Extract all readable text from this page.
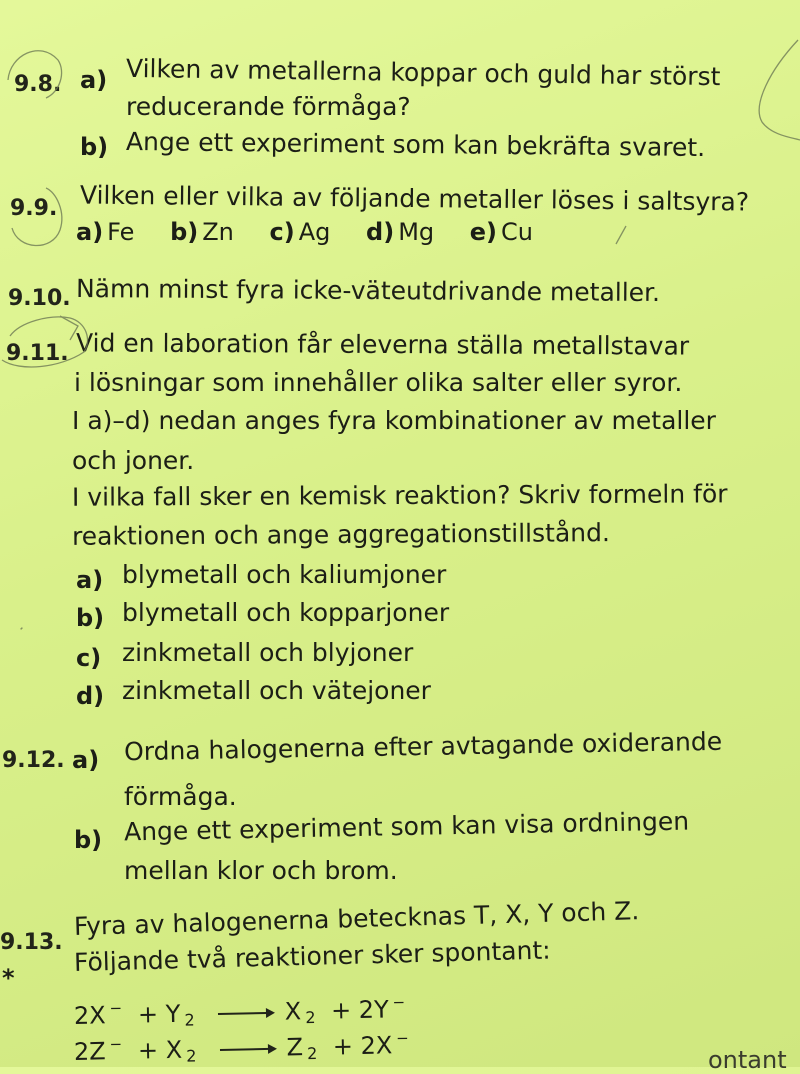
9.8. a) Vilken av metallerna koppar och guld har störst
reducerande förmåga?
b) Ange ett experiment som kan bekräfta svaret.
9.9. Vilken eller vilka av följande metaller löses i saltsyra?
a) Fe b) Zn c) Ag d) Mg e) Cu
9.10. Nämn minst fyra icke-väteutdrivande metaller.
9.11. Vid en laboration får eleverna ställa metallstavar
i lösningar som innehåller olika salter eller syror.
I a)–d) nedan anges fyra kombinationer av metaller
och joner.
I vilka fall sker en kemisk reaktion? Skriv formeln för
reaktionen och ange aggregationstillstånd.
a) blymetall och kaliumjoner
b) blymetall och kopparjoner
c) zinkmetall och blyjoner
d) zinkmetall och vätejoner
9.12. a) Ordna halogenerna efter avtagande oxiderande
förmåga.
b) Ange ett experiment som kan visa ordningen
mellan klor och brom.
9.13.
*
Fyra av halogenerna betecknas T, X, Y och Z.
Följande två reaktioner sker spontant:
2X − + Y $_2$	X $_2$ + 2Y −
2Z − + X $_2$	Z $_2$ + 2X −
ontant
